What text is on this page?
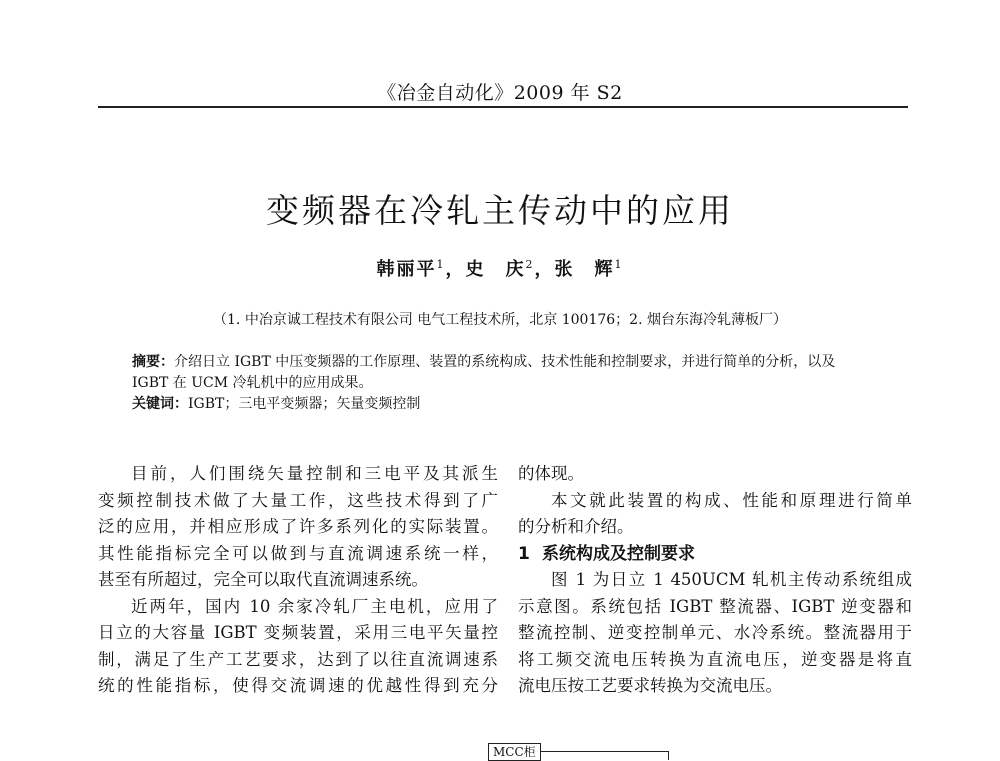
《冶金自动化》2009 年 S2
变频器在冷轧主传动中的应用
韩丽平$^1$，史　庆$^2$，张　辉$^1$
（1. 中冶京诚工程技术有限公司 电气工程技术所，北京 100176；2. 烟台东海冷轧薄板厂）
摘要：介绍日立 IGBT 中压变频器的工作原理、装置的系统构成、技术性能和控制要求，并进行简单的分析，以及
IGBT 在 UCM 冷轧机中的应用成果。
关键词：IGBT；三电平变频器；矢量变频控制
目前，人们围绕矢量控制和三电平及其派生
变频控制技术做了大量工作，这些技术得到了广
泛的应用，并相应形成了许多系列化的实际装置。
其性能指标完全可以做到与直流调速系统一样，
甚至有所超过，完全可以取代直流调速系统。
近两年，国内 10 余家冷轧厂主电机，应用了
日立的大容量 IGBT 变频装置，采用三电平矢量控
制，满足了生产工艺要求，达到了以往直流调速系
统的性能指标，使得交流调速的优越性得到充分
的体现。
本文就此装置的构成、性能和原理进行简单
的分析和介绍。
1 系统构成及控制要求
图 1 为日立 1 450UCM 轧机主传动系统组成
示意图。系统包括 IGBT 整流器、IGBT 逆变器和
整流控制、逆变控制单元、水冷系统。整流器用于
将工频交流电压转换为直流电压，逆变器是将直
流电压按工艺要求转换为交流电压。
MCC柜
